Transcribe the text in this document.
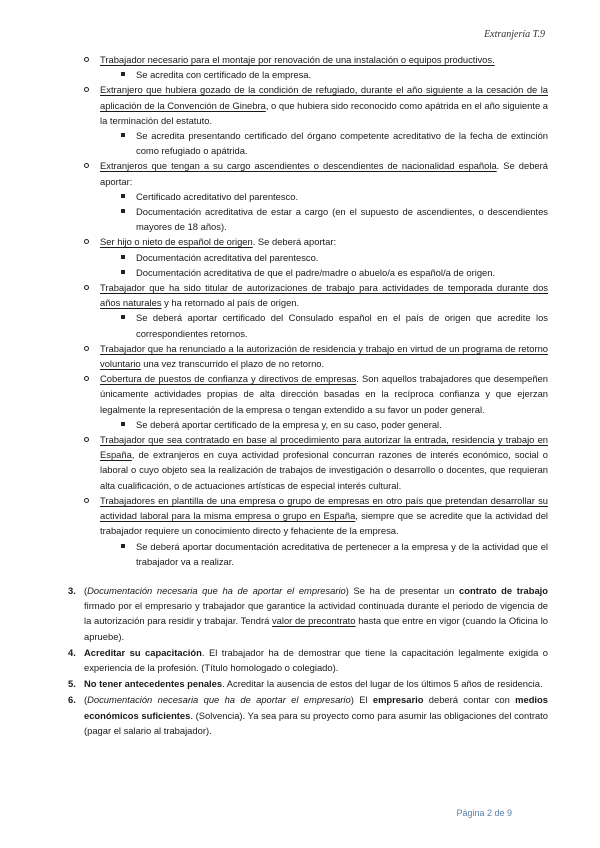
Extranjería T.9
Trabajador necesario para el montaje por renovación de una instalación o equipos productivos.
Se acredita con certificado de la empresa.
Extranjero que hubiera gozado de la condición de refugiado, durante el año siguiente a la cesación de la aplicación de la Convención de Ginebra, o que hubiera sido reconocido como apátrida en el año siguiente a la terminación del estatuto.
Se acredita presentando certificado del órgano competente acreditativo de la fecha de extinción como refugiado o apátrida.
Extranjeros que tengan a su cargo ascendientes o descendientes de nacionalidad española. Se deberá aportar:
Certificado acreditativo del parentesco.
Documentación acreditativa de estar a cargo (en el supuesto de ascendientes, o descendientes mayores de 18 años).
Ser hijo o nieto de español de origen. Se deberá aportar:
Documentación acreditativa del parentesco.
Documentación acreditativa de que el padre/madre o abuelo/a es español/a de origen.
Trabajador que ha sido titular de autorizaciones de trabajo para actividades de temporada durante dos años naturales y ha retornado al país de origen.
Se deberá aportar certificado del Consulado español en el país de origen que acredite los correspondientes retornos.
Trabajador que ha renunciado a la autorización de residencia y trabajo en virtud de un programa de retorno voluntario una vez transcurrido el plazo de no retorno.
Cobertura de puestos de confianza y directivos de empresas. Son aquellos trabajadores que desempeñen únicamente actividades propias de alta dirección basadas en la recíproca confianza y que ejerzan legalmente la representación de la empresa o tengan extendido a su favor un poder general.
Se deberá aportar certificado de la empresa y, en su caso, poder general.
Trabajador que sea contratado en base al procedimiento para autorizar la entrada, residencia y trabajo en España, de extranjeros en cuya actividad profesional concurran razones de interés económico, social o laboral o cuyo objeto sea la realización de trabajos de investigación o desarrollo o docentes, que requieran alta cualificación, o de actuaciones artísticas de especial interés cultural.
Trabajadores en plantilla de una empresa o grupo de empresas en otro país que pretendan desarrollar su actividad laboral para la misma empresa o grupo en España, siempre que se acredite que la actividad del trabajador requiere un conocimiento directo y fehaciente de la empresa.
Se deberá aportar documentación acreditativa de pertenecer a la empresa y de la actividad que el trabajador va a realizar.
3. (Documentación necesaria que ha de aportar el empresario) Se ha de presentar un contrato de trabajo firmado por el empresario y trabajador que garantice la actividad continuada durante el periodo de vigencia de la autorización para residir y trabajar. Tendrá valor de precontrato hasta que entre en vigor (cuando la Oficina lo apruebe).
4. Acreditar su capacitación. El trabajador ha de demostrar que tiene la capacitación legalmente exigida o experiencia de la profesión. (Título homologado o colegiado).
5. No tener antecedentes penales. Acreditar la ausencia de estos del lugar de los últimos 5 años de residencia.
6. (Documentación necesaria que ha de aportar el empresario) El empresario deberá contar con medios económicos suficientes. (Solvencia). Ya sea para su proyecto como para asumir las obligaciones del contrato (pagar el salario al trabajador).
Página 2 de 9
